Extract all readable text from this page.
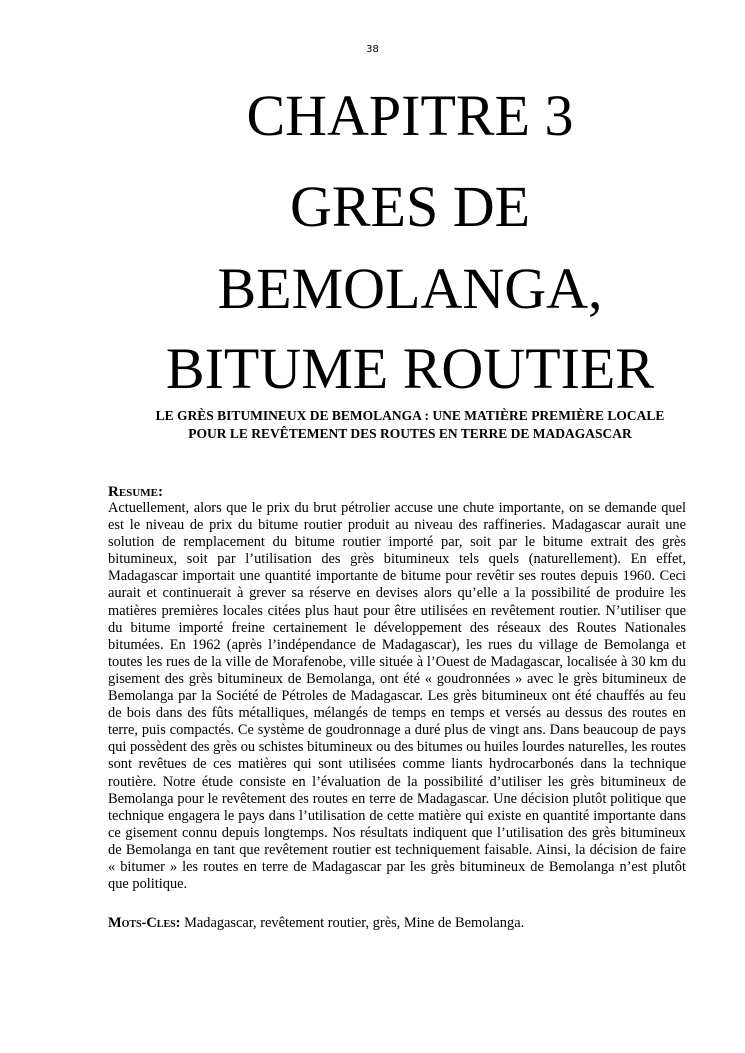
38
CHAPITRE 3
GRES DE
BEMOLANGA,
BITUME ROUTIER
LE GRÈS BITUMINEUX DE BEMOLANGA : UNE MATIÈRE PREMIÈRE LOCALE POUR LE REVÊTEMENT DES ROUTES EN TERRE DE MADAGASCAR
Resume:
Actuellement, alors que le prix du brut pétrolier accuse une chute importante, on se demande quel est le niveau de prix du bitume routier produit au niveau des raffineries. Madagascar aurait une solution de remplacement du bitume routier importé par, soit par le bitume extrait des grès bitumineux, soit par l’utilisation des grès bitumineux tels quels (naturellement). En effet, Madagascar importait une quantité importante de bitume pour revêtir ses routes depuis 1960. Ceci aurait et continuerait à grever sa réserve en devises alors qu’elle a la possibilité de produire les matières premières locales citées plus haut pour être utilisées en revêtement routier. N’utiliser que du bitume importé freine certainement le développement des réseaux des Routes Nationales bitumées. En 1962 (après l’indépendance de Madagascar), les rues du village de Bemolanga et toutes les rues de la ville de Morafenobe, ville située à l’Ouest de Madagascar, localisée à 30 km du gisement des grès bitumineux de Bemolanga, ont été « goudronnées » avec le grès bitumineux de Bemolanga par la Société de Pétroles de Madagascar. Les grès bitumineux ont été chauffés au feu de bois dans des fûts métalliques, mélangés de temps en temps et versés au dessus des routes en terre, puis compactés. Ce système de goudronnage a duré plus de vingt ans. Dans beaucoup de pays qui possèdent des grès ou schistes bitumineux ou des bitumes ou huiles lourdes naturelles, les routes sont revêtues de ces matières qui sont utilisées comme liants hydrocarbonés dans la technique routière. Notre étude consiste en l’évaluation de la possibilité d’utiliser les grès bitumineux de Bemolanga pour le revêtement des routes en terre de Madagascar. Une décision plutôt politique que technique engagera le pays dans l’utilisation de cette matière qui existe en quantité importante dans ce gisement connu depuis longtemps. Nos résultats indiquent que l’utilisation des grès bitumineux de Bemolanga en tant que revêtement routier est techniquement faisable. Ainsi, la décision de faire « bitumer » les routes en terre de Madagascar par les grès bitumineux de Bemolanga n’est plutôt que politique.
Mots-Cles: Madagascar, revêtement routier, grès, Mine de Bemolanga.
